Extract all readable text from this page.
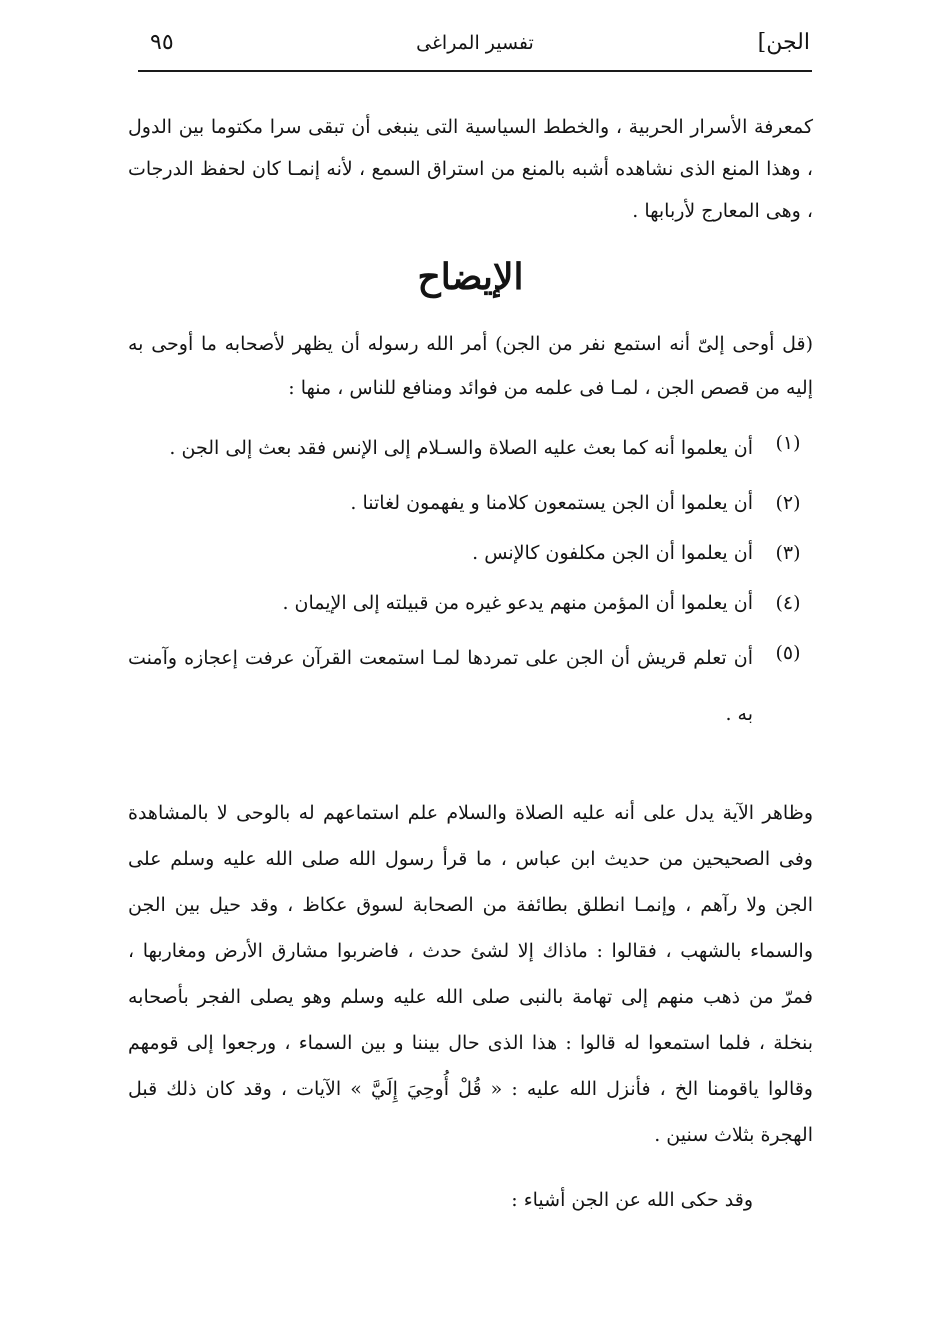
الجن]
تفسير المراغى
٩٥

كمعرفة الأسرار الحربية ، والخطط السياسية التى ينبغى أن تبقى سرا مكتوما بين الدول ، وهذا المنع الذى نشاهده أشبه بالمنع من استراق السمع ، لأنه إنمـا كان لحفظ الدرجات ، وهى المعارج لأربابها .

الإيضاح

(قل أوحى إلىّ أنه استمع نفر من الجن) أمر الله رسوله أن يظهر لأصحابه ما أوحى به إليه من قصص الجن ، لمـا فى علمه من فوائد ومنافع للناس ، منها :

(١)
أن يعلموا أنه كما بعث عليه الصلاة والسـلام إلى الإنس فقد بعث إلى الجن .
(٢)
أن يعلموا أن الجن يستمعون كلامنا و يفهمون لغاتنا .
(٣)
أن يعلموا أن الجن مكلفون كالإنس .
(٤)
أن يعلموا أن المؤمن منهم يدعو غيره من قبيلته إلى الإيمان .
(٥)
أن تعلم قريش أن الجن على تمردها لمـا استمعت القرآن عرفت إعجازه وآمنت به .

وظاهر الآية يدل على أنه عليه الصلاة والسلام علم استماعهم له بالوحى لا بالمشاهدة وفى الصحيحين من حديث ابن عباس ، ما قرأ رسول الله صلى الله عليه وسلم على الجن ولا رآهم ، وإنمـا انطلق بطائفة من الصحابة لسوق عكاظ ، وقد حيل بين الجن والسماء بالشهب ، فقالوا : ماذاك إلا لشئ حدث ، فاضربوا مشارق الأرض ومغاربها ، فمرّ من ذهب منهم إلى تهامة بالنبى صلى الله عليه وسلم وهو يصلى الفجر بأصحابه بنخلة ، فلما استمعوا له قالوا : هذا الذى حال بيننا و بين السماء ، ورجعوا إلى قومهم وقالوا ياقومنا الخ ، فأنزل الله عليه : « قُلْ أُوحِيَ إِلَيَّ » الآيات ، وقد كان ذلك قبل الهجرة بثلاث سنين .

وقد حكى الله عن الجن أشياء :
